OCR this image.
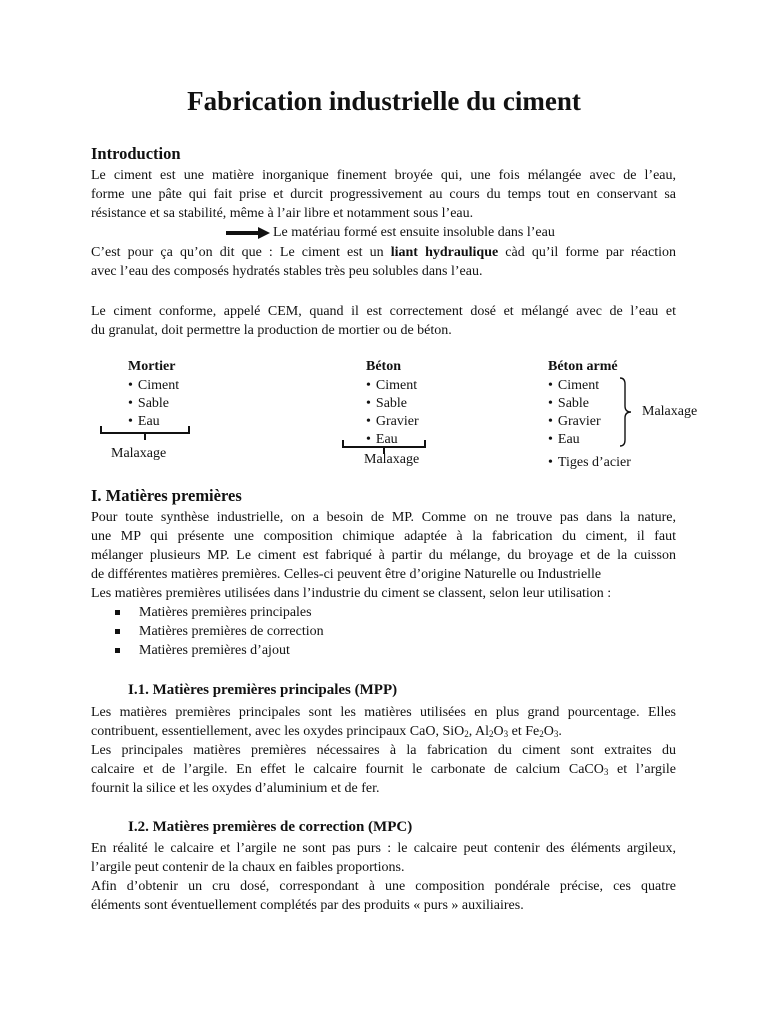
Fabrication industrielle du ciment
Introduction
Le ciment est une matière inorganique finement broyée qui, une fois mélangée avec de l’eau,
forme une pâte qui fait prise et durcit progressivement au cours du temps tout en conservant sa
résistance et sa stabilité, même à l’air libre et notamment sous l’eau.
Le matériau formé est ensuite insoluble dans l’eau
C’est pour ça qu’on dit que : Le ciment est un liant hydraulique càd qu’il forme par réaction
avec l’eau des composés hydratés stables très peu solubles dans l’eau.
Le ciment conforme, appelé CEM, quand il est correctement dosé et mélangé avec de l’eau et
du granulat, doit permettre la production de mortier ou de béton.
Mortier
• Ciment
• Sable
• Eau
Malaxage
Béton
• Ciment
• Sable
• Gravier
• Eau
Malaxage
Béton armé
• Ciment
• Sable
• Gravier
• Eau
• Tiges d’acier
Malaxage
I. Matières premières
Pour toute synthèse industrielle, on a besoin de MP. Comme on ne trouve pas dans la nature,
une MP qui présente une composition chimique adaptée à la fabrication du ciment, il faut
mélanger plusieurs MP. Le ciment est fabriqué à partir du mélange, du broyage et de la cuisson
de différentes matières premières. Celles-ci peuvent être d’origine Naturelle ou Industrielle
Les matières premières utilisées dans l’industrie du ciment se classent, selon leur utilisation :
Matières premières principales
Matières premières de correction
Matières premières d’ajout
I.1. Matières premières principales (MPP)
Les matières premières principales sont les matières utilisées en plus grand pourcentage. Elles
contribuent, essentiellement, avec les oxydes principaux CaO, SiO$_2$, $Al_2O_3$ et $Fe_2O_3$.
Les principales matières premières nécessaires à la fabrication du ciment sont extraites du
calcaire et de l’argile. En effet le calcaire fournit le carbonate de calcium CaCO$_3$ et l’argile
fournit la silice et les oxydes d’aluminium et de fer.
I.2. Matières premières de correction (MPC)
En réalité le calcaire et l’argile ne sont pas purs : le calcaire peut contenir des éléments argileux,
l’argile peut contenir de la chaux en faibles proportions.
Afin d’obtenir un cru dosé, correspondant à une composition pondérale précise, ces quatre
éléments sont éventuellement complétés par des produits « purs » auxiliaires.
